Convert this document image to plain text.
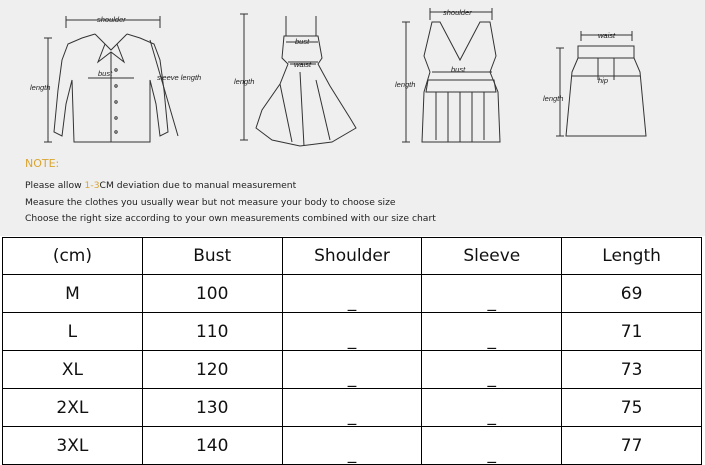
shoulder
length
bust	sleeve length
bust
waist
length
shoulder
bust
length
waist
hip
length
NOTE:
Please allow 1-3CM deviation due to manual measurement
Measure the clothes you usually wear but not measure your body to choose size
Choose the right size according to your own measurements combined with our size chart
(cm)	Bust	Shoulder	Sleeve	Length
M	100	_	_	69
L	110	_	_	71
XL	120	_	_	73
2XL	130	_	_	75
3XL	140	_	_	77
